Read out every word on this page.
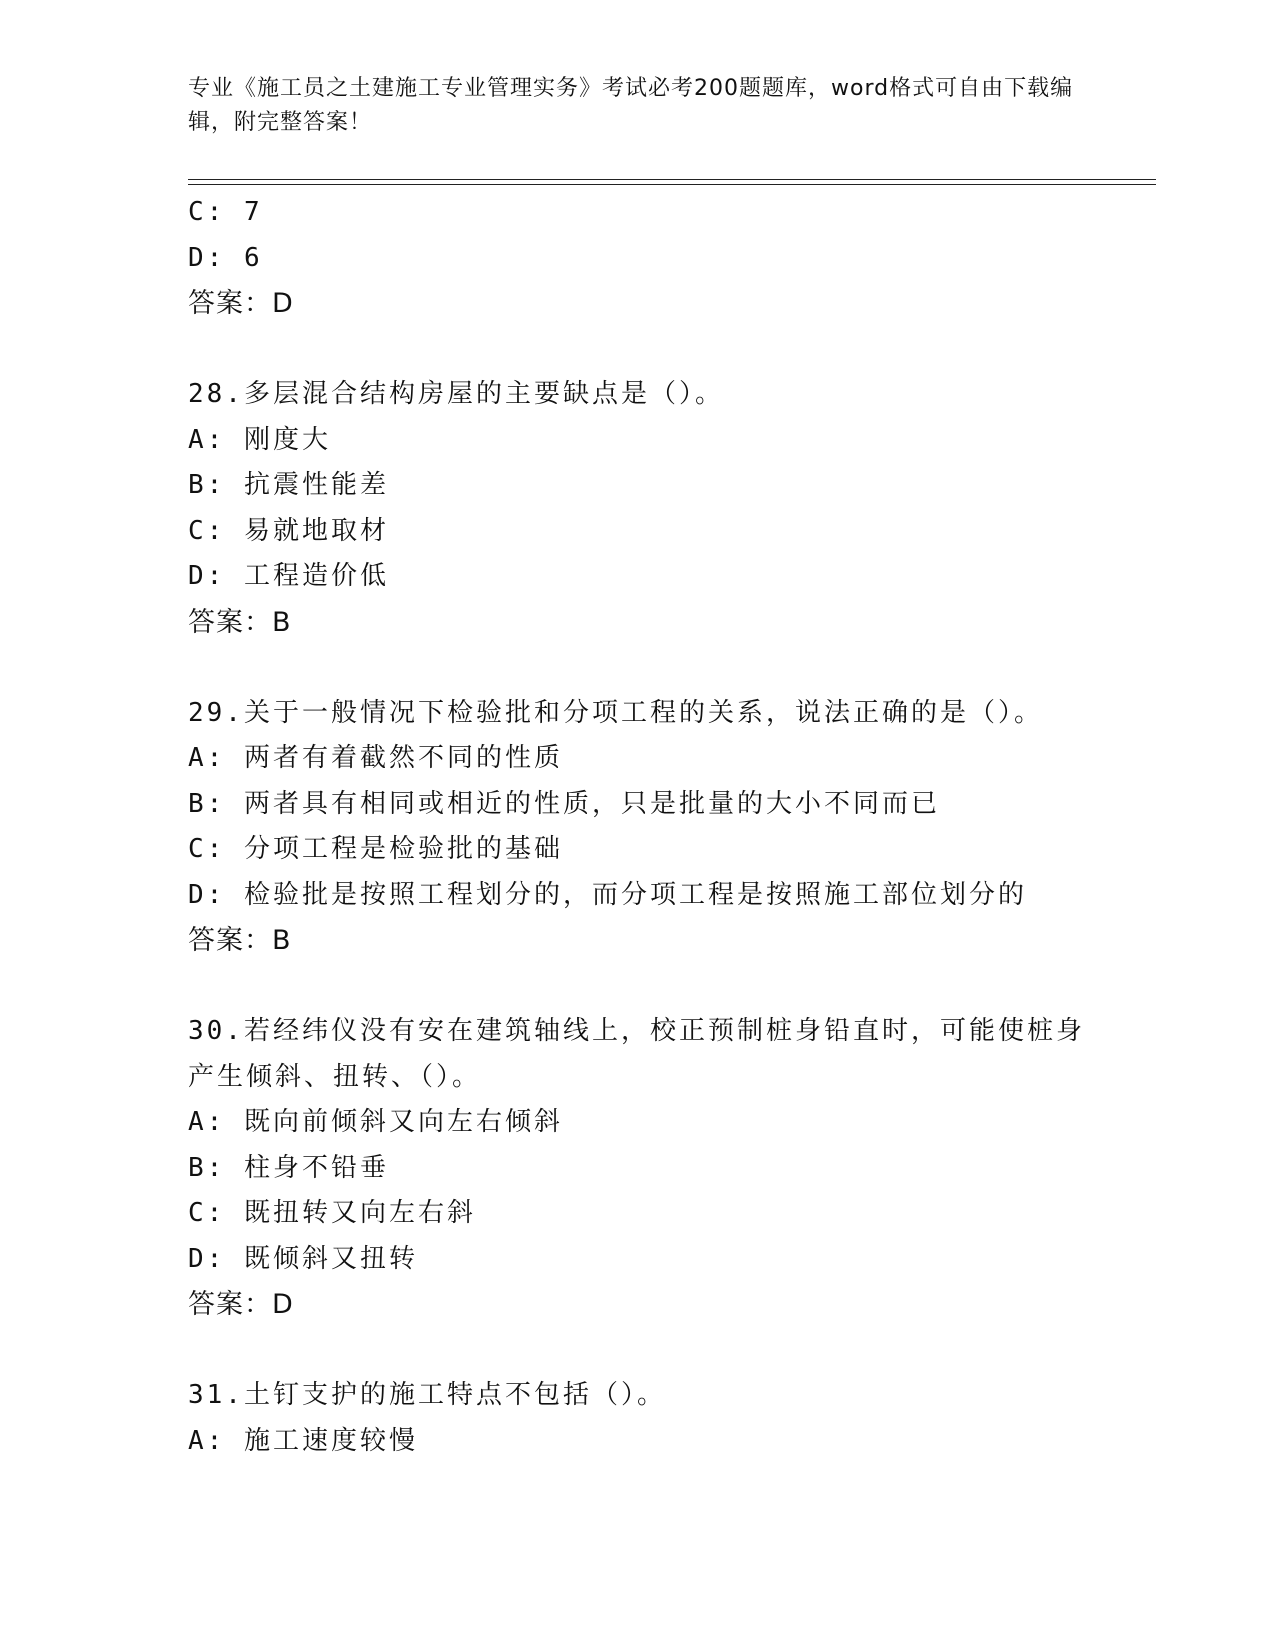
专业《施工员之土建施工专业管理实务》考试必考200题题库，word格式可自由下载编辑，附完整答案！
C: 7
D: 6
答案：D
28.多层混合结构房屋的主要缺点是（）。
A: 刚度大
B: 抗震性能差
C: 易就地取材
D: 工程造价低
答案：B
29.关于一般情况下检验批和分项工程的关系，说法正确的是（）。
A: 两者有着截然不同的性质
B: 两者具有相同或相近的性质，只是批量的大小不同而已
C: 分项工程是检验批的基础
D: 检验批是按照工程划分的，而分项工程是按照施工部位划分的
答案：B
30.若经纬仪没有安在建筑轴线上，校正预制桩身铅直时，可能使桩身
产生倾斜、扭转、（）。
A: 既向前倾斜又向左右倾斜
B: 柱身不铅垂
C: 既扭转又向左右斜
D: 既倾斜又扭转
答案：D
31.土钉支护的施工特点不包括（）。
A: 施工速度较慢
